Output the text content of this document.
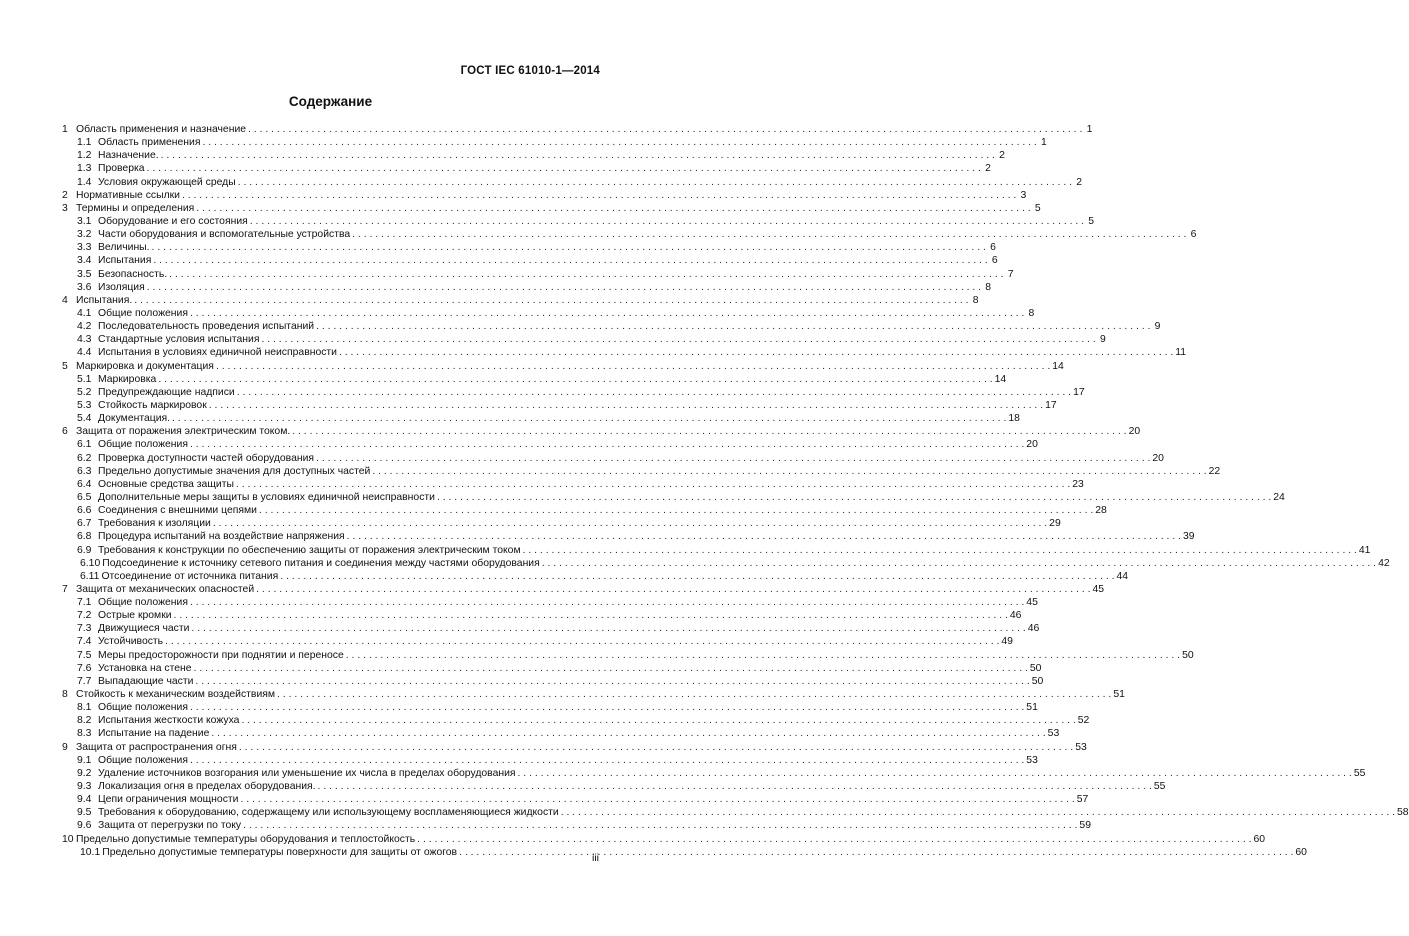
ГОСТ IEC 61010-1—2014
Содержание
1 Область применения и назначение . . .	1
1.1 Область применения . . .	1
1.2 Назначение. . . .	2
1.3 Проверка . . .	2
1.4 Условия окружающей среды . . .	2
2 Нормативные ссылки . . .	3
3 Термины и определения . . .	5
3.1 Оборудование и его состояния . . .	5
3.2 Части оборудования и вспомогательные устройства . . .	6
3.3 Величины. . . .	6
3.4 Испытания . . .	6
3.5 Безопасность. . . .	7
3.6 Изоляция . . .	8
4 Испытания. . . .	8
4.1 Общие положения . . .	8
4.2 Последовательность проведения испытаний . . .	9
4.3 Стандартные условия испытания . . .	9
4.4 Испытания в условиях единичной неисправности . . .	11
5 Маркировка и документация . . .	14
5.1 Маркировка . . .	14
5.2 Предупреждающие надписи . . .	17
5.3 Стойкость маркировок . . .	17
5.4 Документация. . . .	18
6 Защита от поражения электрическим током. . . .	20
6.1 Общие положения . . .	20
6.2 Проверка доступности частей оборудования . . .	20
6.3 Предельно допустимые значения для доступных частей . . .	22
6.4 Основные средства защиты . . .	23
6.5 Дополнительные меры защиты в условиях единичной неисправности . . .	24
6.6 Соединения с внешними цепями . . .	28
6.7 Требования к изоляции . . .	29
6.8 Процедура испытаний на воздействие напряжения . . .	39
6.9 Требования к конструкции по обеспечению защиты от поражения электрическим током . . .	41
6.10 Подсоединение к источнику сетевого питания и соединения между частями оборудования . . .	42
6.11 Отсоединение от источника питания . . .	44
7 Защита от механических опасностей . . .	45
7.1 Общие положения . . .	45
7.2 Острые кромки . . .	46
7.3 Движущиеся части . . .	46
7.4 Устойчивость . . .	49
7.5 Меры предосторожности при поднятии и переносе . . .	50
7.6 Установка на стене . . .	50
7.7 Выпадающие части . . .	50
8 Стойкость к механическим воздействиям . . .	51
8.1 Общие положения . . .	51
8.2 Испытания жесткости кожуха . . .	52
8.3 Испытание на падение . . .	53
9 Защита от распространения огня . . .	53
9.1 Общие положения . . .	53
9.2 Удаление источников возгорания или уменьшение их числа в пределах оборудования . . .	55
9.3 Локализация огня в пределах оборудования. . . .	55
9.4 Цепи ограничения мощности . . .	57
9.5 Требования к оборудованию, содержащему или использующему воспламеняющиеся жидкости . . .	58
9.6 Защита от перегрузки по току . . .	59
10 Предельно допустимые температуры оборудования и теплостойкость . . .	60
10.1 Предельно допустимые температуры поверхности для защиты от ожогов . . .	60
iii
